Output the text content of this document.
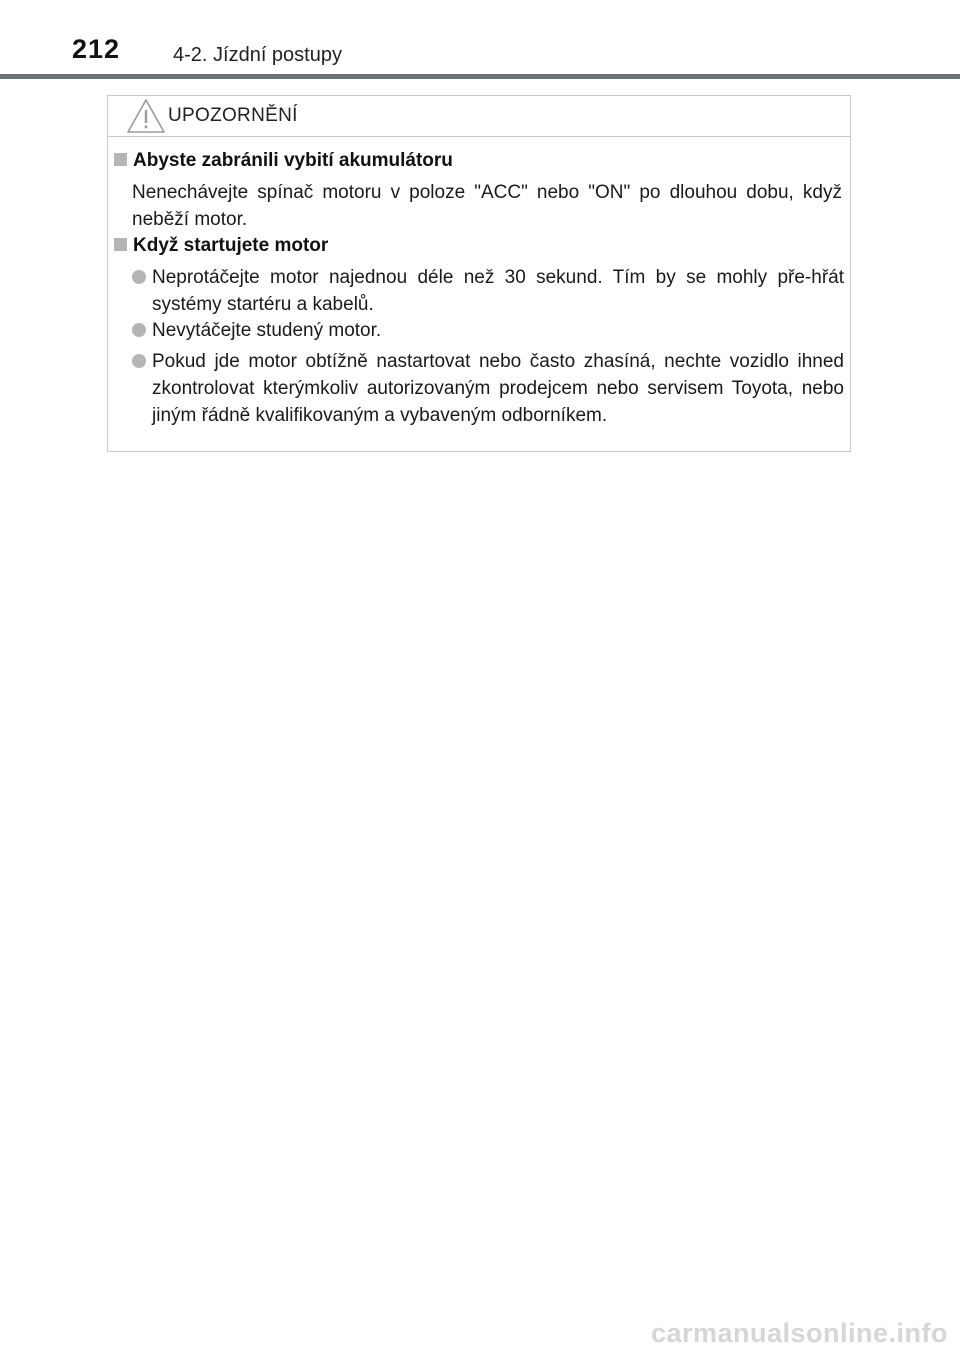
212	4-2. Jízdní postupy
UPOZORNĚNÍ
Abyste zabránili vybití akumulátoru
Nenechávejte spínač motoru v poloze "ACC" nebo "ON" po dlouhou dobu, když neběží motor.
Když startujete motor
Neprotáčejte motor najednou déle než 30 sekund. Tím by se mohly pře-hřát systémy startéru a kabelů.
Nevytáčejte studený motor.
Pokud jde motor obtížně nastartovat nebo často zhasíná, nechte vozidlo ihned zkontrolovat kterýmkoliv autorizovaným prodejcem nebo servisem Toyota, nebo jiným řádně kvalifikovaným a vybaveným odborníkem.
carmanualsonline.info
